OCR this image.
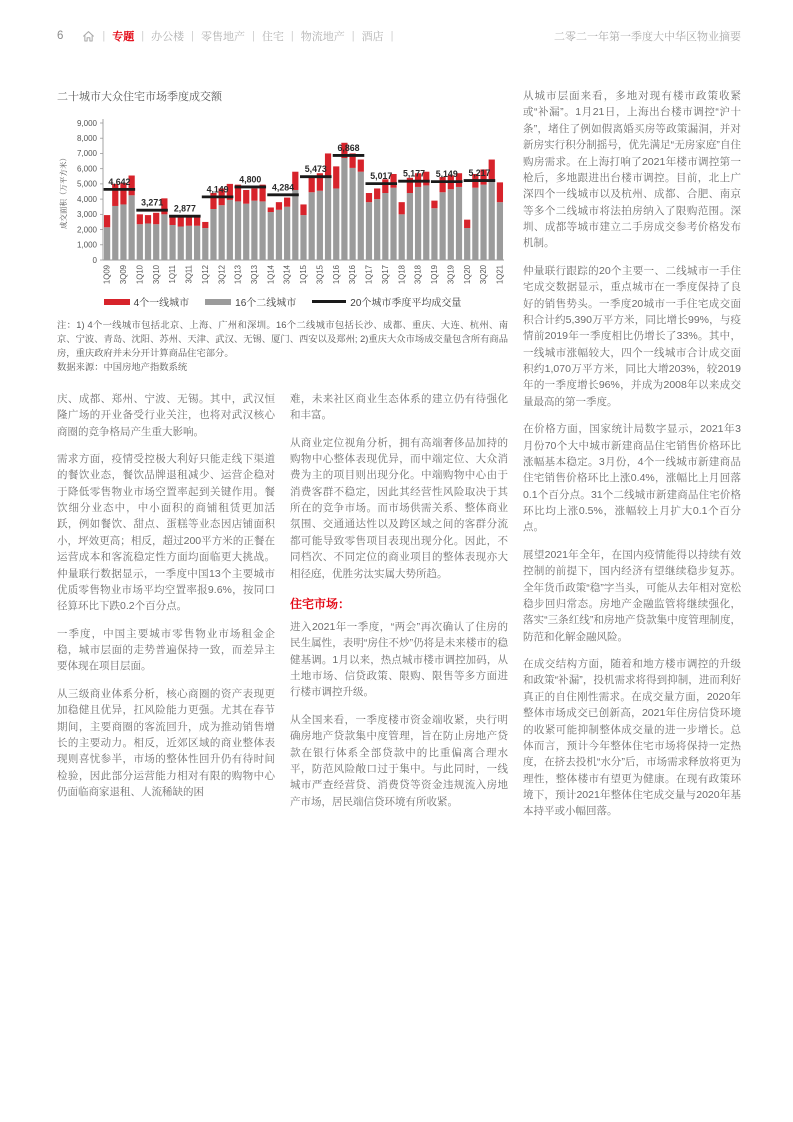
6	| 专题 | 办公楼 | 零售地产 | 住宅 | 物流地产 | 酒店 |	二零二一年第一季度大中华区物业摘要
二十城市大众住宅市场季度成交额
0
1,000
2,000
3,000
4,000
5,000
6,000
7,000
8,000
9,000
成交面积（万平方米）
1Q09 3Q09 1Q10 3Q10 1Q11 3Q11 1Q12 3Q12 1Q13 3Q13 1Q14 3Q14 1Q15 3Q15 1Q16 3Q16 1Q17 3Q17 1Q18 3Q18 1Q19 3Q19 1Q20 3Q20 1Q21
4,642
3,271
2,877
4,149
4,800
4,284
5,473
6,868
5,017 5,177 5,149 5,217
4个一线城市	16个二线城市	20个城市季度平均成交量

注：1) 4个一线城市包括北京、上海、广州和深圳。16个二线城市包括长沙、成都、重庆、大连、杭州、南京、宁波、青岛、沈阳、苏州、天津、武汉、无锡、厦门、西安以及郑州; 2)重庆大众市场成交量包含所有商品房，重庆政府并未分开计算商品住宅部分。

数据来源：中国房地产指数系统

庆、成都、郑州、宁波、无锡。其中，武汉恒隆广场的开业备受行业关注，也将对武汉核心商圈的竞争格局产生重大影响。

需求方面，疫情受控极大利好只能走线下渠道的餐饮业态，餐饮品牌退租减少、运营企稳对于降低零售物业市场空置率起到关键作用。餐饮细分业态中，中小面积的商铺租赁更加活跃，例如餐饮、甜点、蛋糕等业态因店铺面积小，坪效更高；相反，超过200平方米的正餐在运营成本和客流稳定性方面均面临更大挑战。仲量联行数据显示，一季度中国13个主要城市优质零售物业市场平均空置率报9.6%，按同口径算环比下跌0.2个百分点。

一季度，中国主要城市零售物业市场租金企稳，城市层面的走势普遍保持一致，而差异主要体现在项目层面。

从三级商业体系分析，核心商圈的资产表现更加稳健且优异，扛风险能力更强。尤其在春节期间，主要商圈的客流回升，成为推动销售增长的主要动力。相反，近郊区域的商业整体表现则喜忧参半，市场的整体性回升仍有待时间检验，因此部分运营能力相对有限的购物中心仍面临商家退租、人流稀缺的困

难，未来社区商业生态体系的建立仍有待强化和丰富。

从商业定位视角分析，拥有高端奢侈品加持的购物中心整体表现优异，而中端定位、大众消费为主的项目则出现分化。中端购物中心由于消费客群不稳定，因此其经营性风险取决于其所在的竞争市场。而市场供需关系、整体商业氛围、交通通达性以及跨区域之间的客群分流都可能导致零售项目表现出现分化。因此，不同档次、不同定位的商业项目的整体表现亦大相径庭，优胜劣汰实属大势所趋。

住宅市场：

进入2021年一季度，“两会”再次确认了住房的民生属性，表明“房住不炒”仍将是未来楼市的稳健基调。1月以来，热点城市楼市调控加码，从土地市场、信贷政策、限购、限售等多方面进行楼市调控升级。

从全国来看，一季度楼市资金端收紧，央行明确房地产贷款集中度管理，旨在防止房地产贷款在银行体系全部贷款中的比重偏离合理水平，防范风险敞口过于集中。与此同时，一线城市严查经营贷、消费贷等资金违规流入房地产市场，居民端信贷环境有所收紧。

从城市层面来看，多地对现有楼市政策收紧或“补漏”。1月21日，上海出台楼市调控“沪十条”，堵住了例如假离婚买房等政策漏洞，并对新房实行积分制摇号，优先满足“无房家庭”自住购房需求。在上海打响了2021年楼市调控第一枪后，多地跟进出台楼市调控。目前，北上广深四个一线城市以及杭州、成都、合肥、南京等多个二线城市将法拍房纳入了限购范围。深圳、成都等城市建立二手房成交参考价格发布机制。

仲量联行跟踪的20个主要一、二线城市一手住宅成交数据显示，重点城市在一季度保持了良好的销售势头。一季度20城市一手住宅成交面积合计约5,390万平方米，同比增长99%，与疫情前2019年一季度相比仍增长了33%。其中，一线城市涨幅较大，四个一线城市合计成交面积约1,070万平方米，同比大增203%，较2019年的一季度增长96%，并成为2008年以来成交量最高的第一季度。

在价格方面，国家统计局数字显示，2021年3月份70个大中城市新建商品住宅销售价格环比涨幅基本稳定。3月份，4个一线城市新建商品住宅销售价格环比上涨0.4%，涨幅比上月回落0.1个百分点。31个二线城市新建商品住宅价格环比均上涨0.5%，涨幅较上月扩大0.1个百分点。

展望2021年全年，在国内疫情能得以持续有效控制的前提下，国内经济有望继续稳步复苏。全年货币政策“稳”字当头，可能从去年相对宽松稳步回归常态。房地产金融监管将继续强化，落实“三条红线”和房地产贷款集中度管理制度，防范和化解金融风险。

在成交结构方面，随着和地方楼市调控的升级和政策“补漏”，投机需求将得到抑制，进而利好真正的自住刚性需求。在成交量方面，2020年整体市场成交已创新高，2021年住房信贷环境的收紧可能抑制整体成交量的进一步增长。总体而言，预计今年整体住宅市场将保持一定热度，在挤去投机“水分”后，市场需求释放将更为理性，整体楼市有望更为健康。在现有政策环境下，预计2021年整体住宅成交量与2020年基本持平或小幅回落。
